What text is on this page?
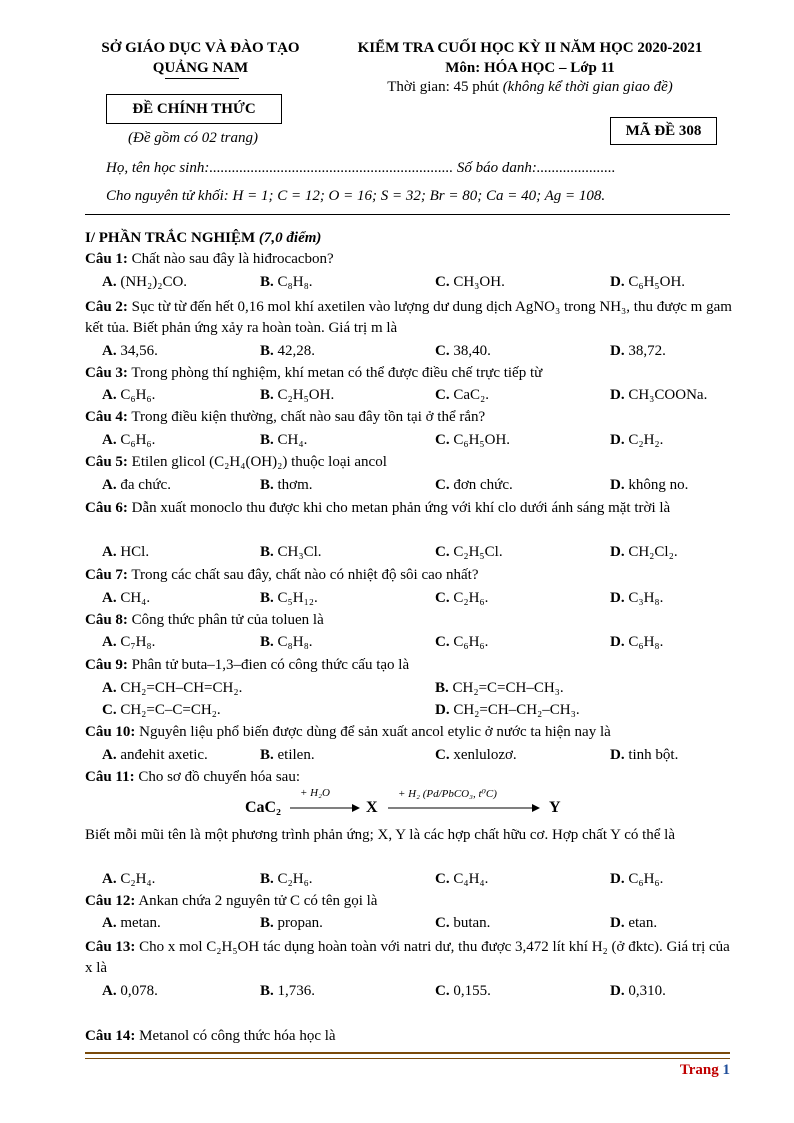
SỞ GIÁO DỤC VÀ ĐÀO TẠO
QUẢNG NAM
KIỂM TRA CUỐI HỌC KỲ II NĂM HỌC 2020-2021
Môn: HÓA HỌC – Lớp 11
Thời gian: 45 phút (không kể thời gian giao đề)
ĐỀ CHÍNH THỨC
(Đề gồm có 02 trang)	MÃ ĐỀ 308
Họ, tên học sinh:................................................................. Số báo danh:.....................
Cho nguyên tử khối: H = 1; C = 12; O = 16; S = 32; Br = 80; Ca = 40; Ag = 108.
I/ PHẦN TRẮC NGHIỆM (7,0 điểm)
Câu 1: Chất nào sau đây là hiđrocacbon?
A. (NH₂)₂CO.	B. C₈H₈.	C. CH₃OH.	D. C₆H₅OH.
Câu 2: Sục từ từ đến hết 0,16 mol khí axetilen vào lượng dư dung dịch AgNO₃ trong NH₃, thu được m gam kết tủa. Biết phản ứng xảy ra hoàn toàn. Giá trị m là
A. 34,56.	B. 42,28.	C. 38,40.	D. 38,72.
Câu 3: Trong phòng thí nghiệm, khí metan có thể được điều chế trực tiếp từ
A. C₆H₆.	B. C₂H₅OH.	C. CaC₂.	D. CH₃COONa.
Câu 4: Trong điều kiện thường, chất nào sau đây tồn tại ở thể rắn?
A. C₆H₆.	B. CH₄.	C. C₆H₅OH.	D. C₂H₂.
Câu 5: Etilen glicol (C₂H₄(OH)₂) thuộc loại ancol
A. đa chức.	B. thơm.	C. đơn chức.	D. không no.
Câu 6: Dẫn xuất monoclo thu được khi cho metan phản ứng với khí clo dưới ánh sáng mặt trời là
A. HCl.	B. CH₃Cl.	C. C₂H₅Cl.	D. CH₂Cl₂.
Câu 7: Trong các chất sau đây, chất nào có nhiệt độ sôi cao nhất?
A. CH₄.	B. C₅H₁₂.	C. C₂H₆.	D. C₃H₈.
Câu 8: Công thức phân tử của toluen là
A. C₇H₈.	B. C₈H₈.	C. C₆H₆.	D. C₆H₈.
Câu 9: Phân tử buta–1,3–đien có công thức cấu tạo là
A. CH₂=CH–CH=CH₂.	B. CH₂=C=CH–CH₃.
C. CH₂=C–C=CH₂.	D. CH₂=CH–CH₂–CH₃.
Câu 10: Nguyên liệu phổ biến được dùng để sản xuất ancol etylic ở nước ta hiện nay là
A. anđehit axetic.	B. etilen.	C. xenlulozơ.	D. tinh bột.
Câu 11: Cho sơ đồ chuyển hóa sau:
CaC₂
+ H₂O
X
+ H₂ (Pd/PbCO₃, t⁰C)
Y
Biết mỗi mũi tên là một phương trình phản ứng; X, Y là các hợp chất hữu cơ. Hợp chất Y có thể là
A. C₂H₄.	B. C₂H₆.	C. C₄H₄.	D. C₆H₆.
Câu 12: Ankan chứa 2 nguyên tử C có tên gọi là
A. metan.	B. propan.	C. butan.	D. etan.
Câu 13: Cho x mol C₂H₅OH tác dụng hoàn toàn với natri dư, thu được 3,472 lít khí H₂ (ở đktc). Giá trị của x là
A. 0,078.	B. 1,736.	C. 0,155.	D. 0,310.
Câu 14: Metanol có công thức hóa học là
Trang 1
